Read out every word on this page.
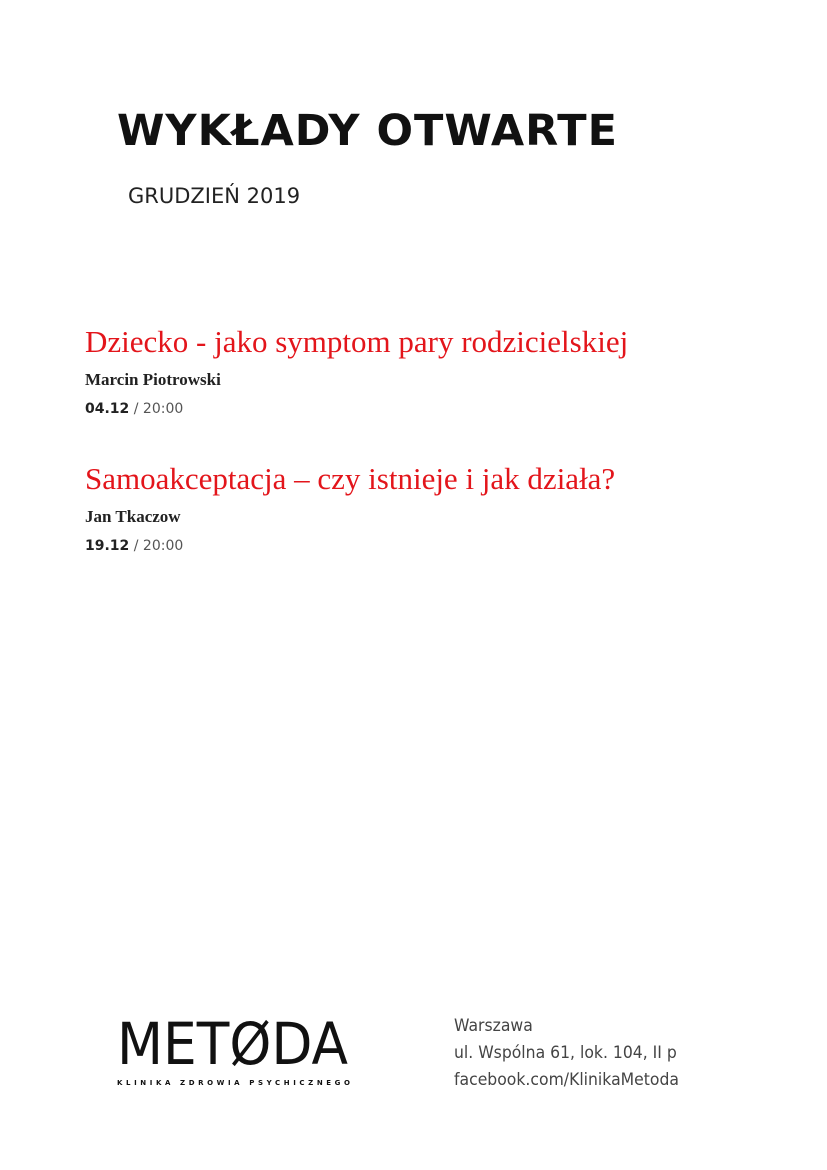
WYKŁADY OTWARTE
GRUDZIEŃ 2019
Dziecko - jako symptom pary rodzicielskiej
Marcin Piotrowski
04.12 / 20:00
Samoakceptacja – czy istnieje i jak działa?
Jan Tkaczow
19.12 / 20:00
METØDA
KLINIKA ZDROWIA PSYCHICZNEGO
Warszawa
ul. Wspólna 61, lok. 104, II p
facebook.com/KlinikaMetoda
